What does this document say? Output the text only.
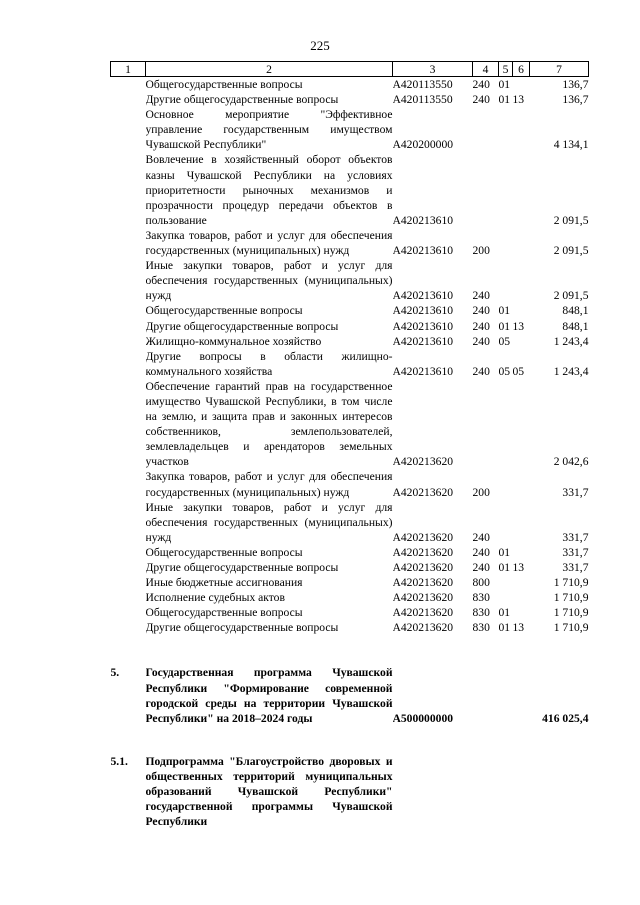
225
1	2	3	4	5	6	7
	Общегосударственные вопросы	А420113550	240	01		136,7
	Другие общегосударственные вопросы	А420113550	240	01	13	136,7
	Основное мероприятие "Эффективное управление государственным имуществом Чувашской Республики"	А420200000				4 134,1
	Вовлечение в хозяйственный оборот объектов казны Чувашской Республики на условиях приоритетности рыночных механизмов и прозрачности процедур передачи объектов в пользование	А420213610				2 091,5
	Закупка товаров, работ и услуг для обеспечения государственных (муниципальных) нужд	А420213610	200			2 091,5
	Иные закупки товаров, работ и услуг для обеспечения государственных (муниципальных) нужд	А420213610	240			2 091,5
	Общегосударственные вопросы	А420213610	240	01		848,1
	Другие общегосударственные вопросы	А420213610	240	01	13	848,1
	Жилищно-коммунальное хозяйство	А420213610	240	05		1 243,4
	Другие вопросы в области жилищно-коммунального хозяйства	А420213610	240	05	05	1 243,4
	Обеспечение гарантий прав на государственное имущество Чувашской Республики, в том числе на землю, и защита прав и законных интересов собственников, землепользователей, землевладельцев и арендаторов земельных участков	А420213620				2 042,6
	Закупка товаров, работ и услуг для обеспечения государственных (муниципальных) нужд	А420213620	200			331,7
	Иные закупки товаров, работ и услуг для обеспечения государственных (муниципальных) нужд	А420213620	240			331,7
	Общегосударственные вопросы	А420213620	240	01		331,7
	Другие общегосударственные вопросы	А420213620	240	01	13	331,7
	Иные бюджетные ассигнования	А420213620	800			1 710,9
	Исполнение судебных актов	А420213620	830			1 710,9
	Общегосударственные вопросы	А420213620	830	01		1 710,9
	Другие общегосударственные вопросы	А420213620	830	01	13	1 710,9

5.	Государственная программа Чувашской Республики "Формирование современной городской среды на территории Чувашской Республики" на 2018–2024 годы	А500000000				416 025,4

5.1.	Подпрограмма "Благоустройство дворовых и общественных территорий муниципальных образований Чувашской Республики" государственной программы Чувашской Республики					
